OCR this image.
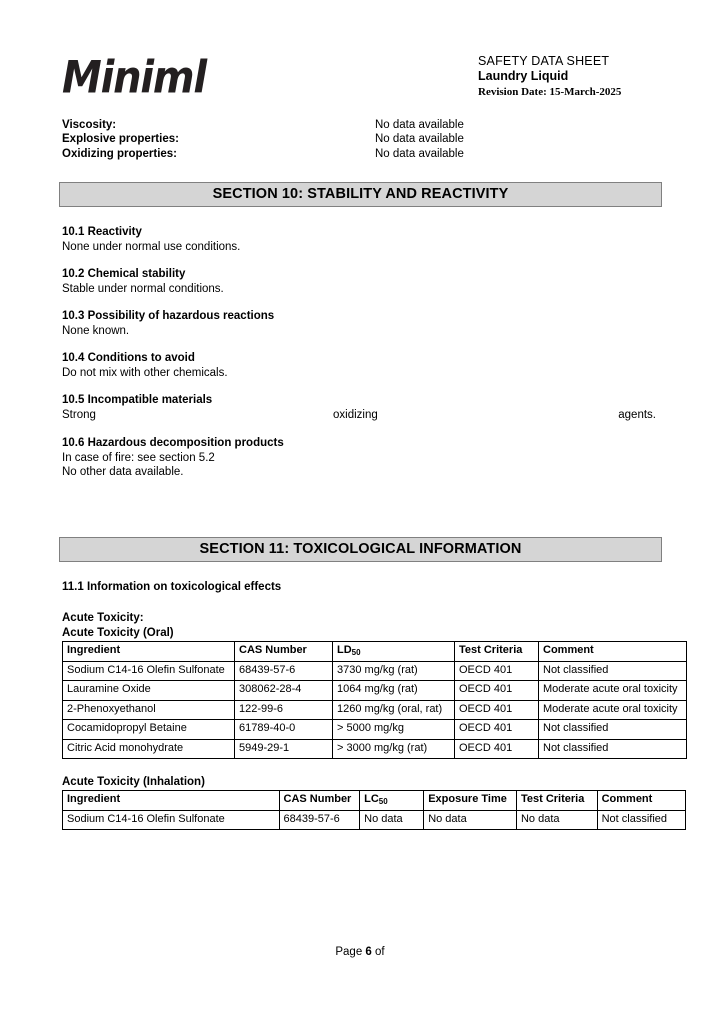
Miniml	SAFETY DATA SHEET
Laundry Liquid
Revision Date: 15-March-2025
Viscosity:	No data available
Explosive properties:	No data available
Oxidizing properties:	No data available
SECTION 10: STABILITY AND REACTIVITY
10.1 Reactivity
None under normal use conditions.
10.2 Chemical stability
Stable under normal conditions.
10.3 Possibility of hazardous reactions
None known.
10.4 Conditions to avoid
Do not mix with other chemicals.
10.5 Incompatible materials
Strong	oxidizing	agents.
10.6 Hazardous decomposition products
In case of fire: see section 5.2
No other data available.
SECTION 11: TOXICOLOGICAL INFORMATION
11.1 Information on toxicological effects
Acute Toxicity:
Acute Toxicity (Oral)
Ingredient	CAS Number	$LD_{50}$	Test Criteria	Comment
Sodium C14-16 Olefin Sulfonate	68439-57-6	3730 mg/kg (rat)	OECD 401	Not classified
Lauramine Oxide	308062-28-4	1064 mg/kg (rat)	OECD 401	Moderate acute oral toxicity
2-Phenoxyethanol	122-99-6	1260 mg/kg (oral, rat)	OECD 401	Moderate acute oral toxicity
Cocamidopropyl Betaine	61789-40-0	> 5000 mg/kg	OECD 401	Not classified
Citric Acid monohydrate	5949-29-1	> 3000 mg/kg (rat)	OECD 401	Not classified
Acute Toxicity (Inhalation)
Ingredient	CAS Number	$LC_{50}$	Exposure Time	Test Criteria	Comment
Sodium C14-16 Olefin Sulfonate	68439-57-6	No data	No data	No data	Not classified
Page 6 of
